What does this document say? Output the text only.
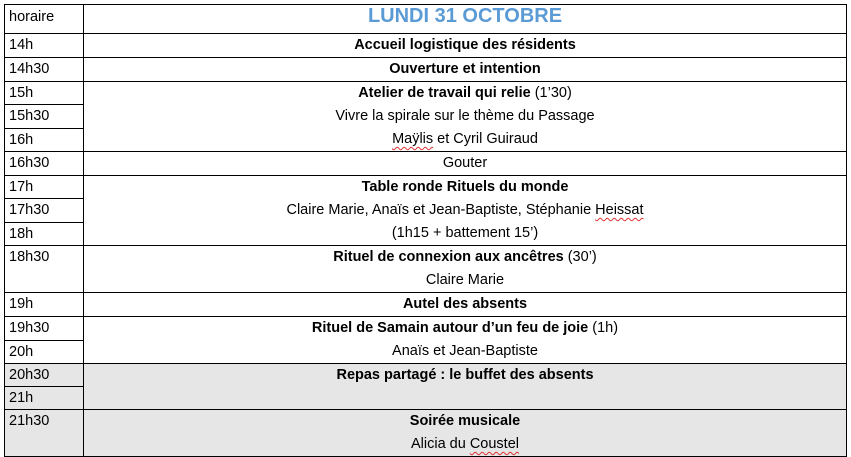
horaire	LUNDI 31 OCTOBRE

14h	Accueil logistique des résidents

14h30	Ouverture et intention

15h	Atelier de travail qui relie (1’30)
Vivre la spirale sur le thème du Passage
Maÿlis et Cyril Guiraud

15h30	
16h	
16h30	Gouter

17h	Table ronde Rituels du monde
Claire Marie, Anaïs et Jean-Baptiste, Stéphanie Heissat
(1h15 + battement 15’)

17h30	
18h	
18h30	Rituel de connexion aux ancêtres (30’)
Claire Marie

19h	Autel des absents

19h30	Rituel de Samain autour d’un feu de joie (1h)
Anaïs et Jean-Baptiste

20h	
20h30	Repas partagé : le buffet des absents

21h	
21h30	Soirée musicale
Alicia du Coustel
